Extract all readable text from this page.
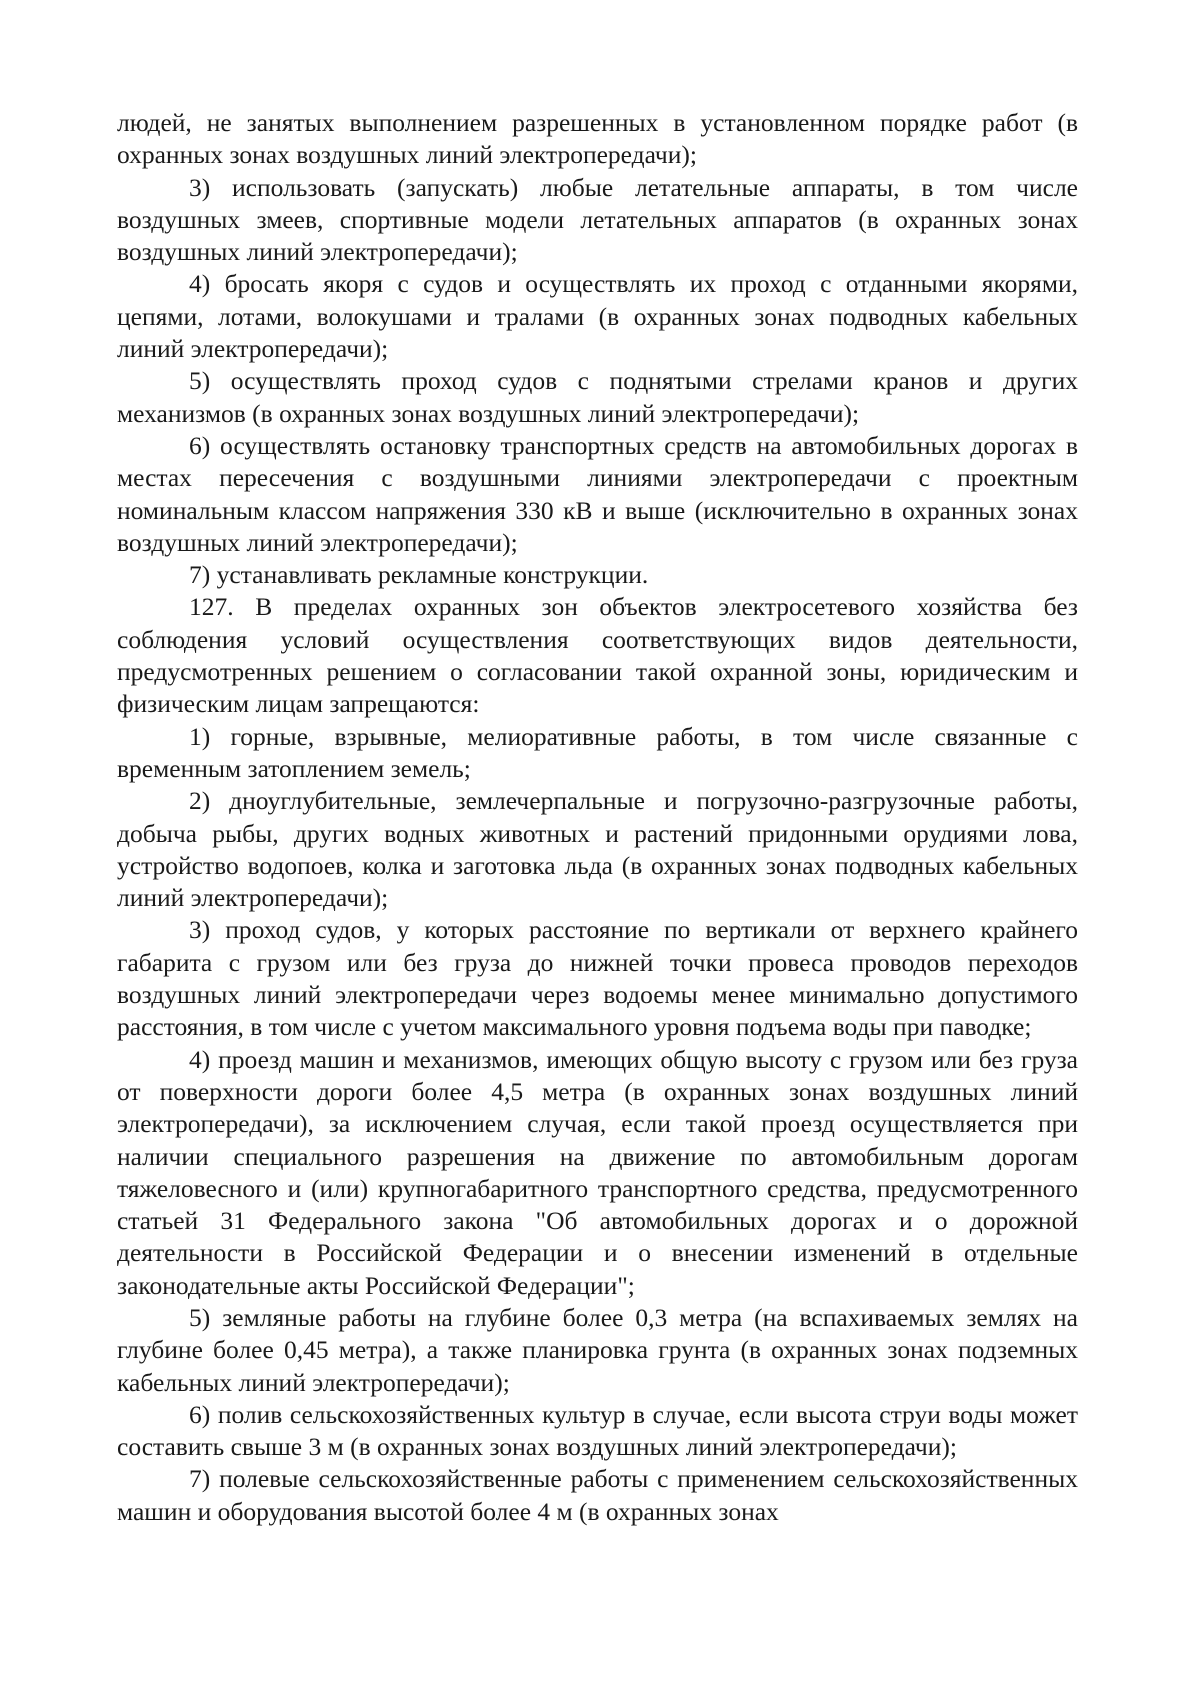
людей, не занятых выполнением разрешенных в установленном порядке работ (в охранных зонах воздушных линий электропередачи);

3) использовать (запускать) любые летательные аппараты, в том числе воздушных змеев, спортивные модели летательных аппаратов (в охранных зонах воздушных линий электропередачи);

4) бросать якоря с судов и осуществлять их проход с отданными якорями, цепями, лотами, волокушами и тралами (в охранных зонах подводных кабельных линий электропередачи);

5) осуществлять проход судов с поднятыми стрелами кранов и других механизмов (в охранных зонах воздушных линий электропередачи);

6) осуществлять остановку транспортных средств на автомобильных дорогах в местах пересечения с воздушными линиями электропередачи с проектным номинальным классом напряжения 330 кВ и выше (исключительно в охранных зонах воздушных линий электропередачи);

7) устанавливать рекламные конструкции.

127. В пределах охранных зон объектов электросетевого хозяйства без соблюдения условий осуществления соответствующих видов деятельности, предусмотренных решением о согласовании такой охранной зоны, юридическим и физическим лицам запрещаются:

1) горные, взрывные, мелиоративные работы, в том числе связанные с временным затоплением земель;

2) дноуглубительные, землечерпальные и погрузочно-разгрузочные работы, добыча рыбы, других водных животных и растений придонными орудиями лова, устройство водопоев, колка и заготовка льда (в охранных зонах подводных кабельных линий электропередачи);

3) проход судов, у которых расстояние по вертикали от верхнего крайнего габарита с грузом или без груза до нижней точки провеса проводов переходов воздушных линий электропередачи через водоемы менее минимально допустимого расстояния, в том числе с учетом максимального уровня подъема воды при паводке;

4) проезд машин и механизмов, имеющих общую высоту с грузом или без груза от поверхности дороги более 4,5 метра (в охранных зонах воздушных линий электропередачи), за исключением случая, если такой проезд осуществляется при наличии специального разрешения на движение по автомобильным дорогам тяжеловесного и (или) крупногабаритного транспортного средства, предусмотренного статьей 31 Федерального закона "Об автомобильных дорогах и о дорожной деятельности в Российской Федерации и о внесении изменений в отдельные законодательные акты Российской Федерации";

5) земляные работы на глубине более 0,3 метра (на вспахиваемых землях на глубине более 0,45 метра), а также планировка грунта (в охранных зонах подземных кабельных линий электропередачи);

6) полив сельскохозяйственных культур в случае, если высота струи воды может составить свыше 3 м (в охранных зонах воздушных линий электропередачи);

7) полевые сельскохозяйственные работы с применением сельскохозяйственных машин и оборудования высотой более 4 м (в охранных зонах
